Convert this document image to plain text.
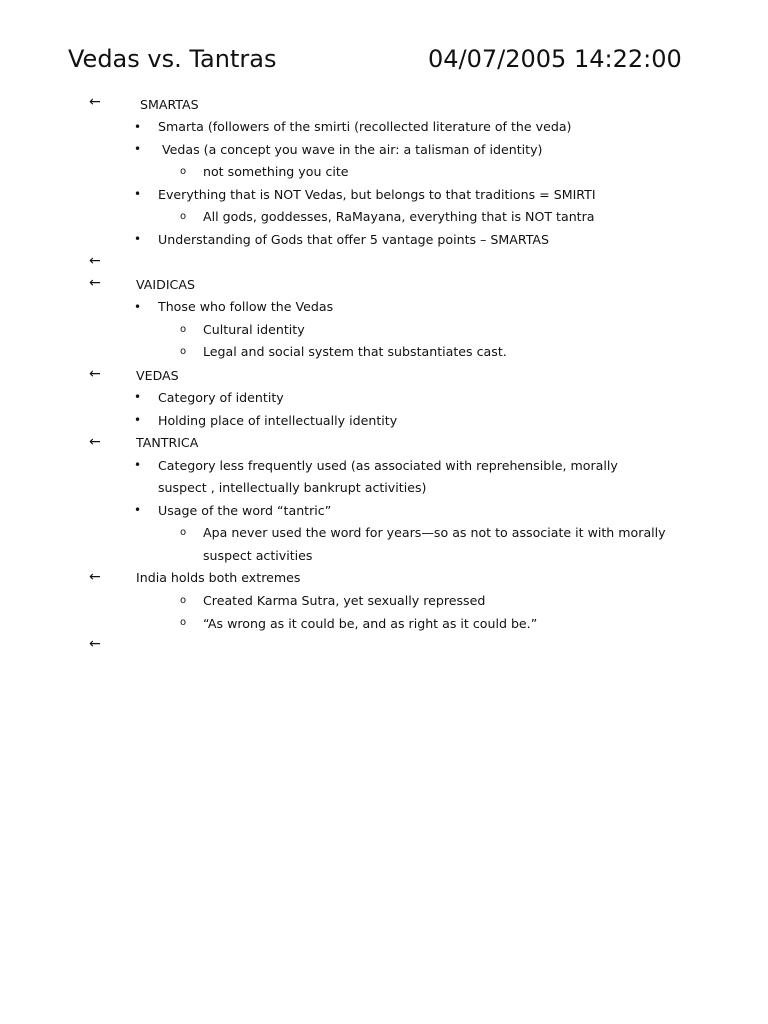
Vedas vs. Tantras	04/07/2005 14:22:00
←	SMARTAS
• Smarta (followers of the smirti (recollected literature of the veda)
• Vedas (a concept you wave in the air: a talisman of identity)
o not something you cite
• Everything that is NOT Vedas, but belongs to that traditions = SMIRTI
o All gods, goddesses, RaMayana, everything that is NOT tantra
• Understanding of Gods that offer 5 vantage points – SMARTAS
←
←	VAIDICAS
• Those who follow the Vedas
o Cultural identity
o Legal and social system that substantiates cast.
←	VEDAS
• Category of identity
• Holding place of intellectually identity
←	TANTRICA
• Category less frequently used (as associated with reprehensible, morally
suspect , intellectually bankrupt activities)
• Usage of the word “tantric”
o Apa never used the word for years—so as not to associate it with morally
suspect activities
←	India holds both extremes
o Created Karma Sutra, yet sexually repressed
o “As wrong as it could be, and as right as it could be.”
←
